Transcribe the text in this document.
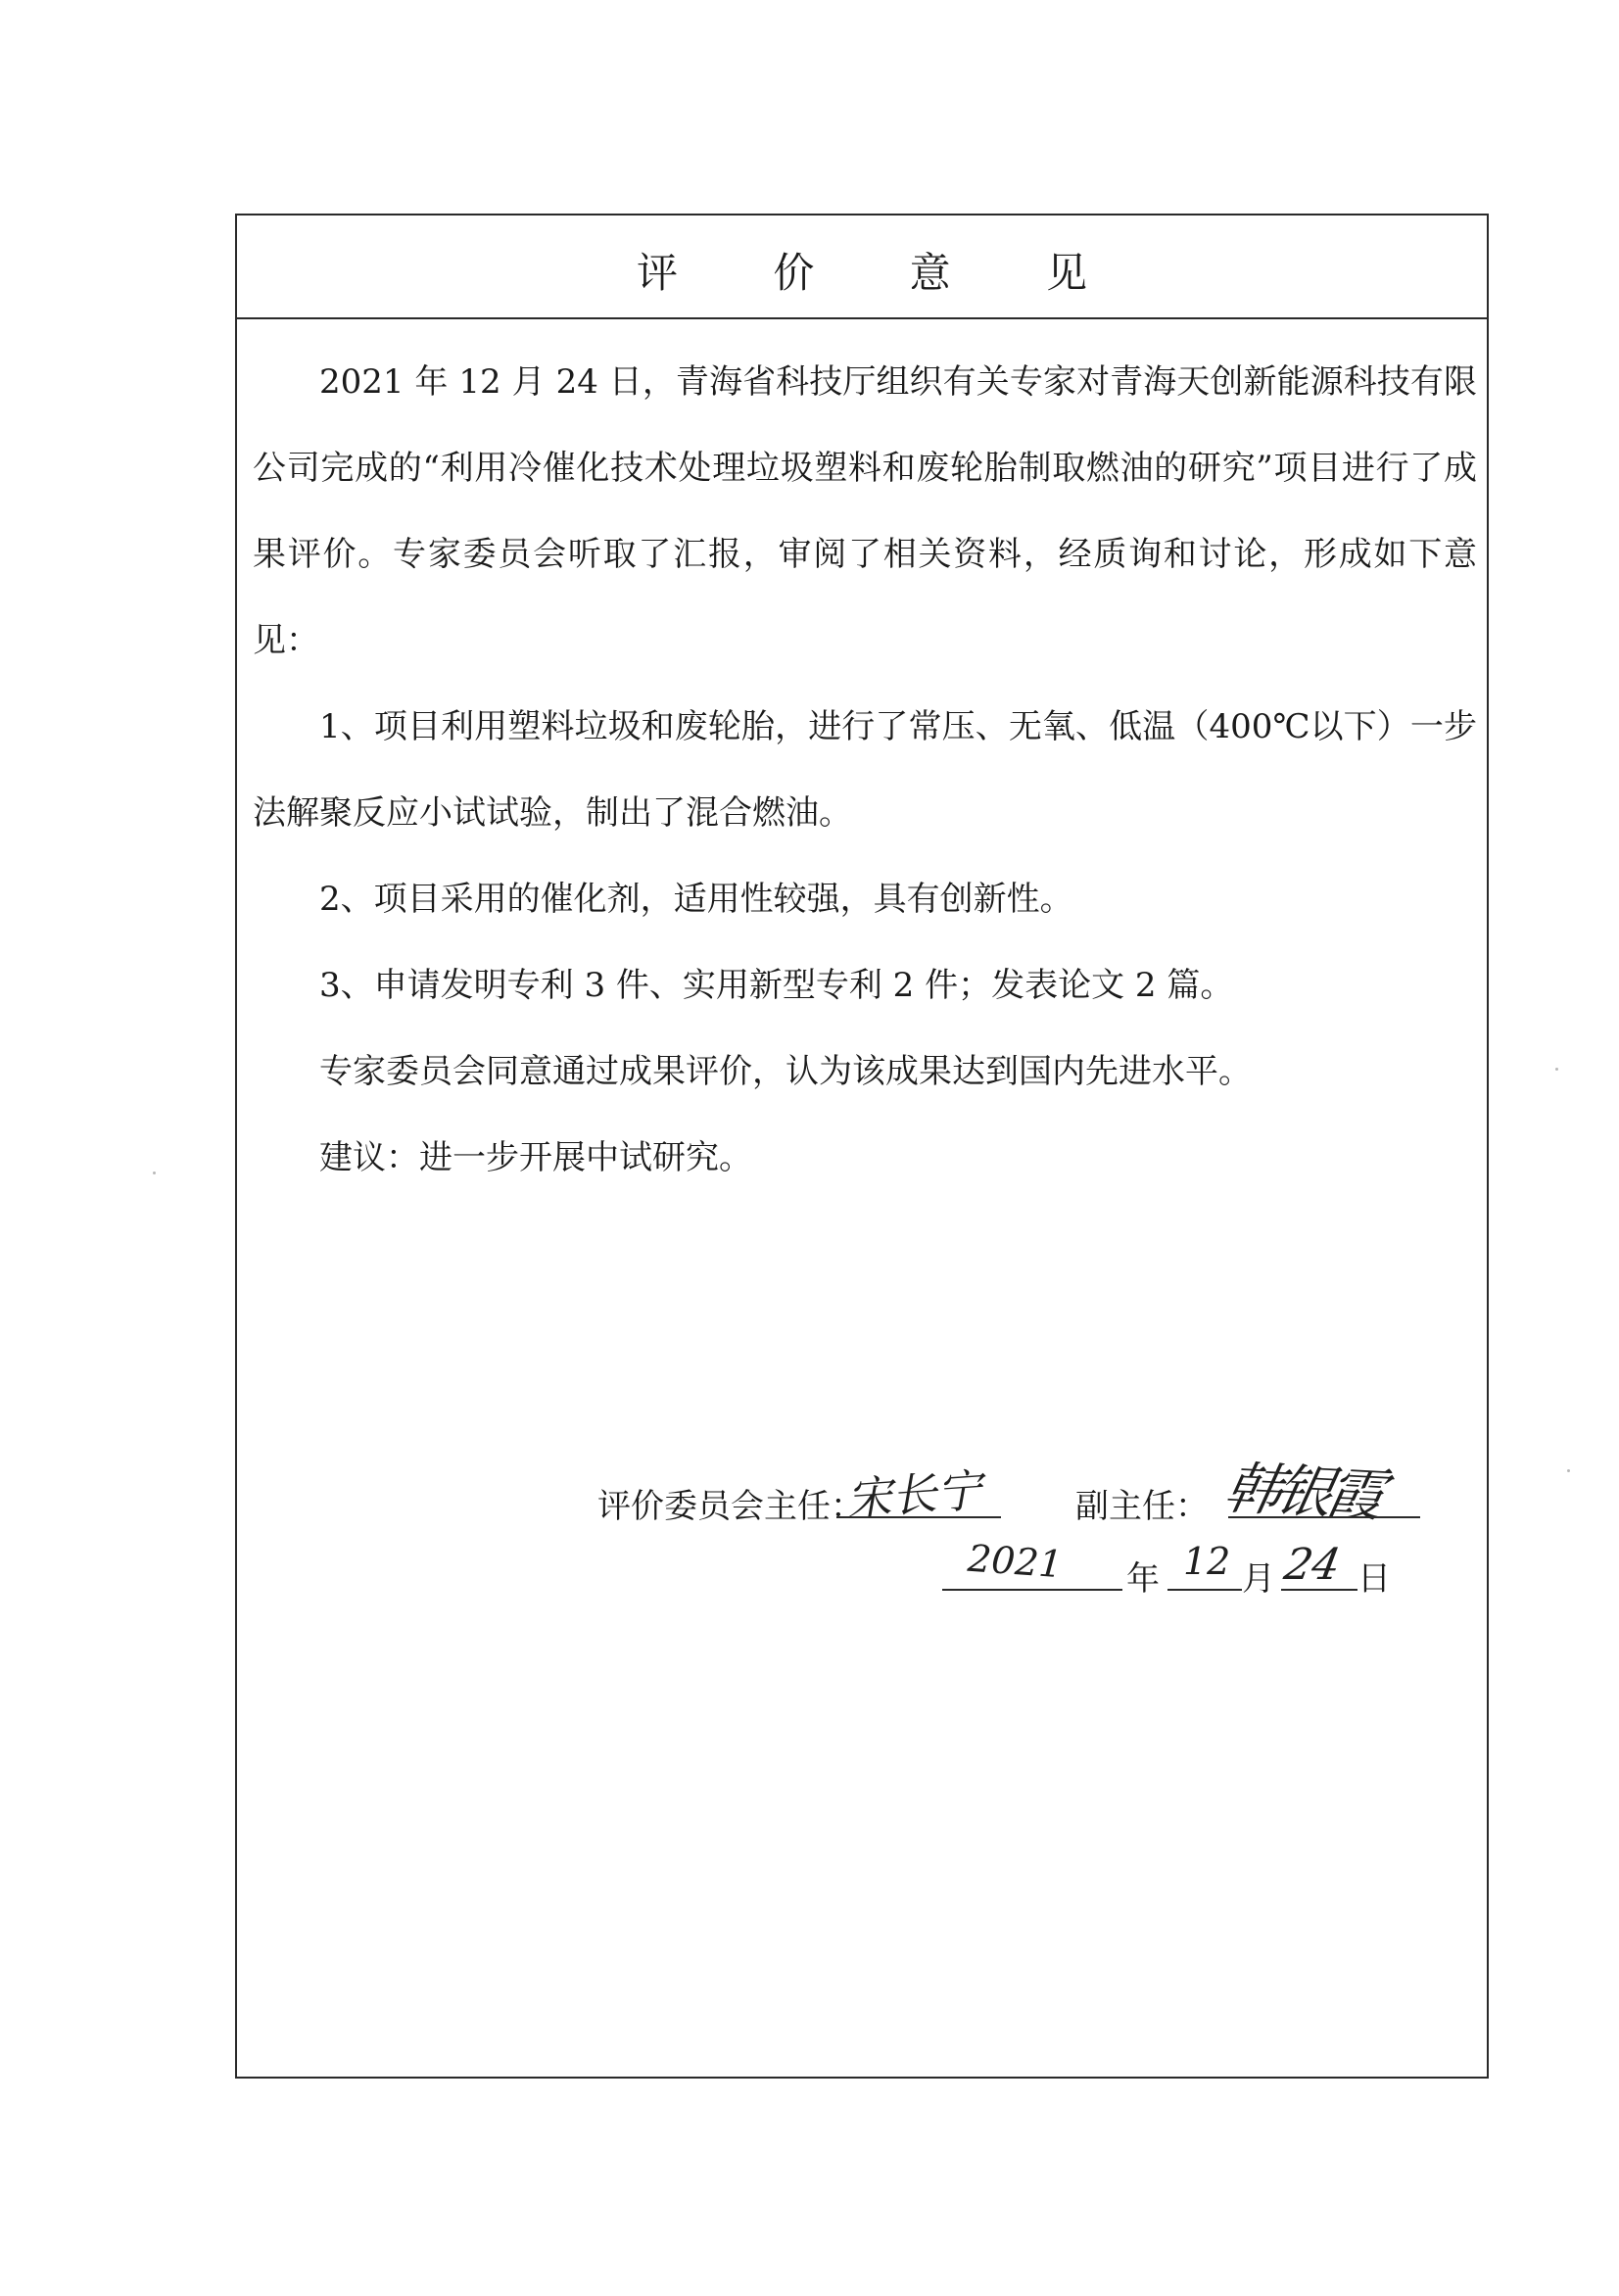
评 价 意 见

2021 年 12 月 24 日，青海省科技厅组织有关专家对青海天创新能源科技有限公司完成的“利用冷催化技术处理垃圾塑料和废轮胎制取燃油的研究”项目进行了成果评价。专家委员会听取了汇报，审阅了相关资料，经质询和讨论，形成如下意见：

1、项目利用塑料垃圾和废轮胎，进行了常压、无氧、低温（400℃以下）一步法解聚反应小试试验，制出了混合燃油。

2、项目采用的催化剂，适用性较强，具有创新性。

3、申请发明专利 3 件、实用新型专利 2 件；发表论文 2 篇。

专家委员会同意通过成果评价，认为该成果达到国内先进水平。

建议：进一步开展中试研究。

评价委员会主任：
宋长宁	副主任： 韩银霞
2021 年 12 月 24 日
